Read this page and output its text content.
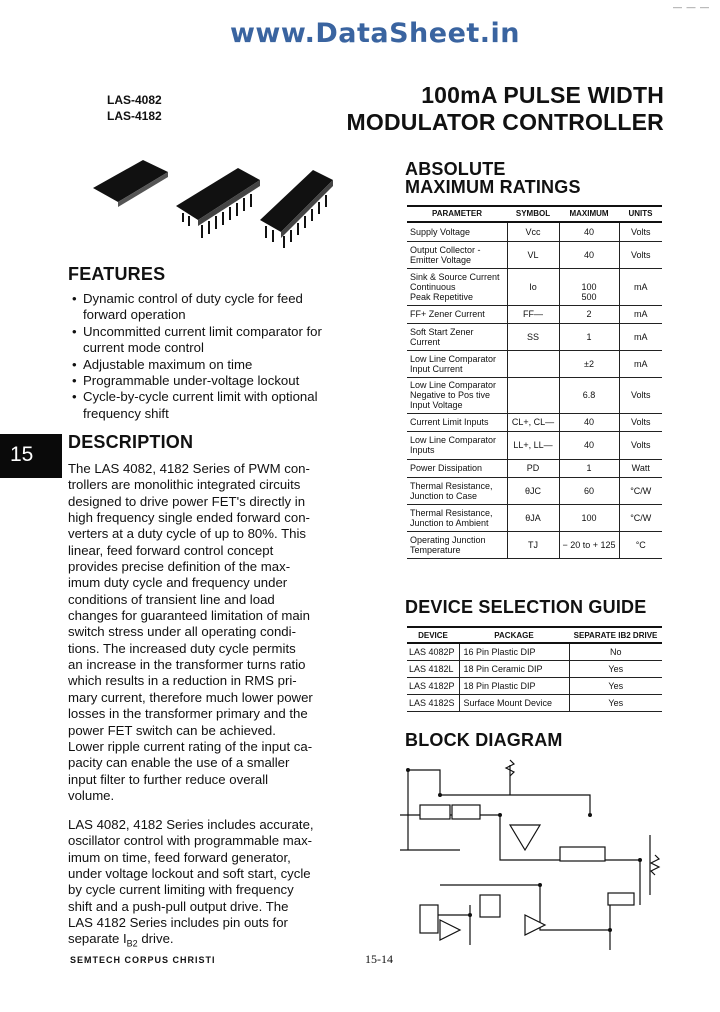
www.DataSheet.in
— — —
LAS-4082
LAS-4182
100mA PULSE WIDTH
MODULATOR CONTROLLER
15
FEATURES
• Dynamic control of duty cycle for feed forward operation
• Uncommitted current limit comparator for current mode control
• Adjustable maximum on time
• Programmable under-voltage lockout
• Cycle-by-cycle current limit with optional frequency shift
DESCRIPTION
The LAS 4082, 4182 Series of PWM con-
trollers are monolithic integrated circuits
designed to drive power FET's directly in
high frequency single ended forward con-
verters at a duty cycle of up to 80%. This
linear, feed forward control concept
provides precise definition of the max-
imum duty cycle and frequency under
conditions of transient line and load
changes for guaranteed limitation of main
switch stress under all operating condi-
tions. The increased duty cycle permits
an increase in the transformer turns ratio
which results in a reduction in RMS pri-
mary current, therefore much lower power
losses in the transformer primary and the
power FET switch can be achieved.
Lower ripple current rating of the input ca-
pacity can enable the use of a smaller
input filter to further reduce overall
volume.
LAS 4082, 4182 Series includes accurate,
oscillator control with programmable max-
imum on time, feed forward generator,
under voltage lockout and soft start, cycle
by cycle current limiting with frequency
shift and a push-pull output drive. The
LAS 4182 Series includes pin outs for
separate $I_{B2}$ drive.
SEMTECH CORPUS CHRISTI	15-14
ABSOLUTE
MAXIMUM RATINGS
PARAMETER	SYMBOL	MAXIMUM	UNITS
Supply Voltage	Vcc	40	Volts
Output Collector -
Emitter Voltage	VL	40	Volts
Sink & Source Current
Continuous
Peak Repetitive	Io	
100
500	mA
FF+ Zener Current	FF—	2	mA
Soft Start Zener
Current	SS	1	mA
Low Line Comparator
Input Current		±2	mA
Low Line Comparator
Negative to Pos tive
Input Voltage		6.8	Volts
Current Limit Inputs	CL+, CL—	40	Volts
Low Line Comparator
Inputs	LL+, LL—	40	Volts
Power Dissipation	PD	1	Watt
Thermal Resistance,
Junction to Case	θJC	60	°C/W
Thermal Resistance,
Junction to Ambient	θJA	100	°C/W
Operating Junction
Temperature	TJ	− 20 to + 125	°C
DEVICE SELECTION GUIDE
DEVICE	PACKAGE	SEPARATE IB2 DRIVE
LAS 4082P	16 Pin Plastic DIP	No
LAS 4182L	18 Pin Ceramic DIP	Yes
LAS 4182P	18 Pin Plastic DIP	Yes
LAS 4182S	Surface Mount Device	Yes
BLOCK DIAGRAM
